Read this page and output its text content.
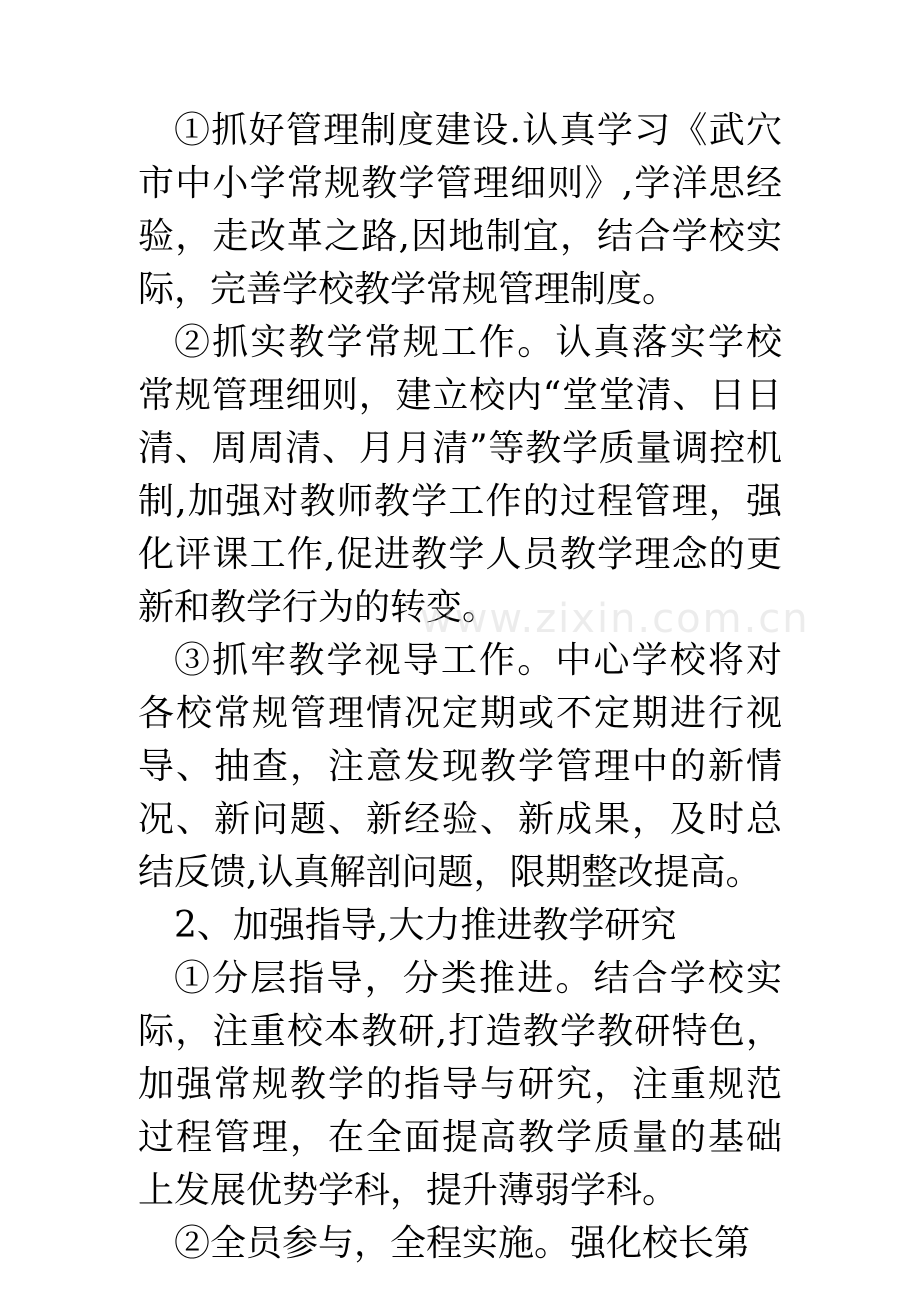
①抓好管理制度建设.认真学习《武穴市中小学常规教学管理细则》,学洋思经验，走改革之路,因地制宜，结合学校实际，完善学校教学常规管理制度。

②抓实教学常规工作。认真落实学校常规管理细则，建立校内“堂堂清、日日清、周周清、月月清”等教学质量调控机制,加强对教师教学工作的过程管理，强化评课工作,促进教学人员教学理念的更新和教学行为的转变。

③抓牢教学视导工作。中心学校将对各校常规管理情况定期或不定期进行视导、抽查，注意发现教学管理中的新情况、新问题、新经验、新成果，及时总结反馈,认真解剖问题，限期整改提高。

2、加强指导,大力推进教学研究

①分层指导，分类推进。结合学校实际，注重校本教研,打造教学教研特色，加强常规教学的指导与研究，注重规范过程管理，在全面提高教学质量的基础上发展优势学科，提升薄弱学科。

②全员参与，全程实施。强化校长第

www.zixin.com.cn
